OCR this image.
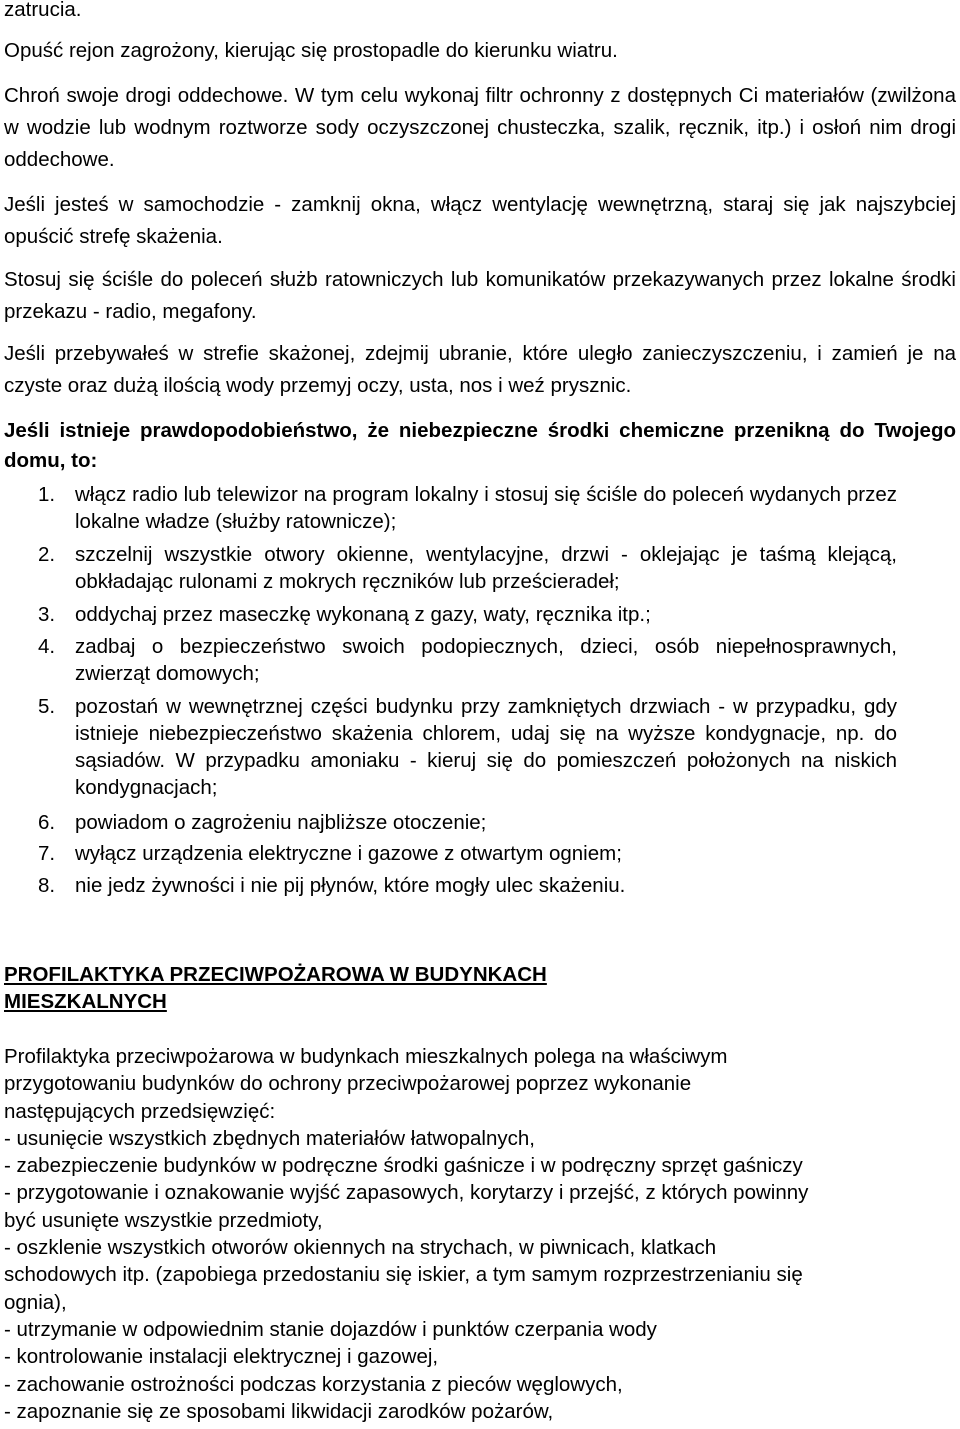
zatrucia.

Opuść rejon zagrożony, kierując się prostopadle do kierunku wiatru.

Chroń swoje drogi oddechowe. W tym celu wykonaj filtr ochronny z dostępnych Ci materiałów (zwilżona w wodzie lub wodnym roztworze sody oczyszczonej chusteczka, szalik, ręcznik, itp.) i osłoń nim drogi oddechowe.

Jeśli jesteś w samochodzie - zamknij okna, włącz wentylację wewnętrzną, staraj się jak najszybciej opuścić strefę skażenia.

Stosuj się ściśle do poleceń służb ratowniczych lub komunikatów przekazywanych przez lokalne środki przekazu - radio, megafony.

Jeśli przebywałeś w strefie skażonej, zdejmij ubranie, które uległo zanieczyszczeniu, i zamień je na czyste oraz dużą ilością wody przemyj oczy, usta, nos i weź prysznic.

Jeśli istnieje prawdopodobieństwo, że niebezpieczne środki chemiczne przenikną do Twojego domu, to:

1. włącz radio lub telewizor na program lokalny i stosuj się ściśle do poleceń wydanych przez lokalne władze (służby ratownicze);
2. szczelnij wszystkie otwory okienne, wentylacyjne, drzwi - oklejając je taśmą klejącą, obkładając rulonami z mokrych ręczników lub prześcieradeł;
3. oddychaj przez maseczkę wykonaną z gazy, waty, ręcznika itp.;
4. zadbaj o bezpieczeństwo swoich podopiecznych, dzieci, osób niepełnosprawnych, zwierząt domowych;
5. pozostań w wewnętrznej części budynku przy zamkniętych drzwiach - w przypadku, gdy istnieje niebezpieczeństwo skażenia chlorem, udaj się na wyższe kondygnacje, np. do sąsiadów. W przypadku amoniaku - kieruj się do pomieszczeń położonych na niskich kondygnacjach;
6. powiadom o zagrożeniu najbliższe otoczenie;
7. wyłącz urządzenia elektryczne i gazowe z otwartym ogniem;
8. nie jedz żywności i nie pij płynów, które mogły ulec skażeniu.
PROFILAKTYKA PRZECIWPOŻAROWA W BUDYNKACH
MIESZKALNYCH
Profilaktyka przeciwpożarowa w budynkach mieszkalnych polega na właściwym
przygotowaniu budynków do ochrony przeciwpożarowej poprzez wykonanie
następujących przedsięwzięć:
- usunięcie wszystkich zbędnych materiałów łatwopalnych,
- zabezpieczenie budynków w podręczne środki gaśnicze i w podręczny sprzęt gaśniczy
- przygotowanie i oznakowanie wyjść zapasowych, korytarzy i przejść, z których powinny
być usunięte wszystkie przedmioty,
- oszklenie wszystkich otworów okiennych na strychach, w piwnicach, klatkach
schodowych itp. (zapobiega przedostaniu się iskier, a tym samym rozprzestrzenianiu się
ognia),
- utrzymanie w odpowiednim stanie dojazdów i punktów czerpania wody
- kontrolowanie instalacji elektrycznej i gazowej,
- zachowanie ostrożności podczas korzystania z pieców węglowych,
- zapoznanie się ze sposobami likwidacji zarodków pożarów,
